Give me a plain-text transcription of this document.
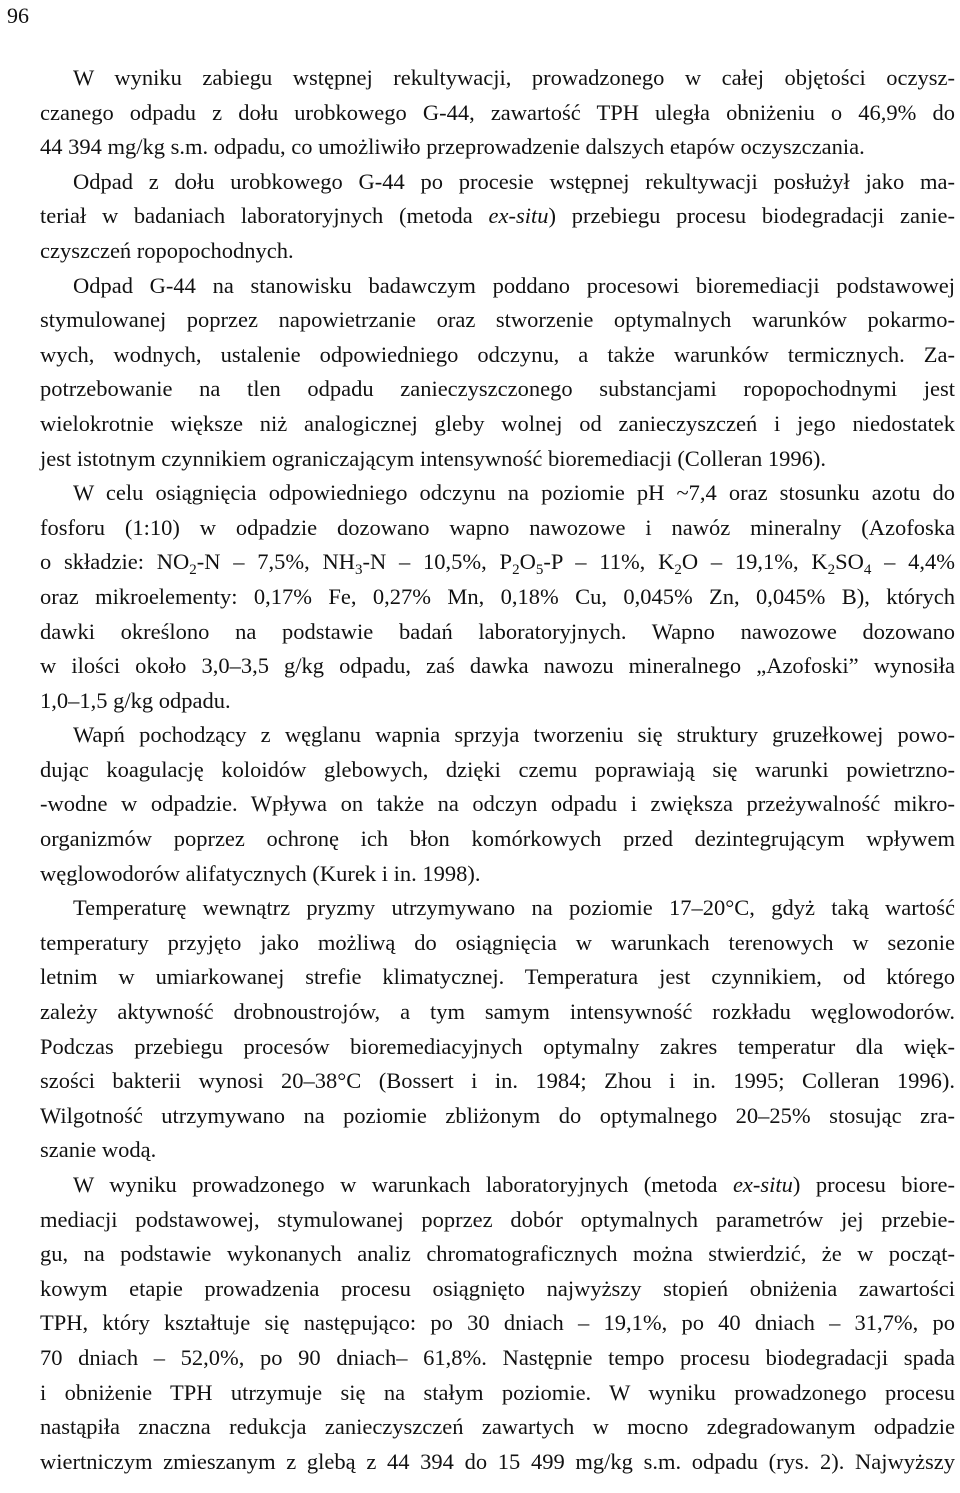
96
W wyniku zabiegu wstępnej rekultywacji, prowadzonego w całej objętości oczysz-
czanego odpadu z dołu urobkowego G-44, zawartość TPH uległa obniżeniu o 46,9% do
44 394 mg/kg s.m. odpadu, co umożliwiło przeprowadzenie dalszych etapów oczyszczania.
Odpad z dołu urobkowego G-44 po procesie wstępnej rekultywacji posłużył jako ma-
teriał w badaniach laboratoryjnych (metoda ex-situ) przebiegu procesu biodegradacji zanie-
czyszczeń ropopochodnych.
Odpad G-44 na stanowisku badawczym poddano procesowi bioremediacji podstawowej
stymulowanej poprzez napowietrzanie oraz stworzenie optymalnych warunków pokarmo-
wych, wodnych, ustalenie odpowiedniego odczynu, a także warunków termicznych. Za-
potrzebowanie na tlen odpadu zanieczyszczonego substancjami ropopochodnymi jest
wielokrotnie większe niż analogicznej gleby wolnej od zanieczyszczeń i jego niedostatek
jest istotnym czynnikiem ograniczającym intensywność bioremediacji (Colleran 1996).
W celu osiągnięcia odpowiedniego odczynu na poziomie pH ~7,4 oraz stosunku azotu do
fosforu (1:10) w odpadzie dozowano wapno nawozowe i nawóz mineralny (Azofoska
o składzie: $NO_2-N - 7,5\%$, $NH_3-N - 10,5\%$, $P_2O_5-P - 11\%$, $K_2O - 19,1\%$, $K_2SO_4 - 4,4\%$
oraz mikroelementy: 0,17% Fe, 0,27% Mn, 0,18% Cu, 0,045% Zn, 0,045% B), których
dawki określono na podstawie badań laboratoryjnych. Wapno nawozowe dozowano
w ilości około 3,0–3,5 g/kg odpadu, zaś dawka nawozu mineralnego „Azofoski” wynosiła
1,0–1,5 g/kg odpadu.
Wapń pochodzący z węglanu wapnia sprzyja tworzeniu się struktury gruzełkowej powo-
dując koagulację koloidów glebowych, dzięki czemu poprawiają się warunki powietrzno-
-wodne w odpadzie. Wpływa on także na odczyn odpadu i zwiększa przeżywalność mikro-
organizmów poprzez ochronę ich błon komórkowych przed dezintegrującym wpływem
węglowodorów alifatycznych (Kurek i in. 1998).
Temperaturę wewnątrz pryzmy utrzymywano na poziomie 17–20°C, gdyż taką wartość
temperatury przyjęto jako możliwą do osiągnięcia w warunkach terenowych w sezonie
letnim w umiarkowanej strefie klimatycznej. Temperatura jest czynnikiem, od którego
zależy aktywność drobnoustrojów, a tym samym intensywność rozkładu węglowodorów.
Podczas przebiegu procesów bioremediacyjnych optymalny zakres temperatur dla więk-
szości bakterii wynosi 20–38°C (Bossert i in. 1984; Zhou i in. 1995; Colleran 1996).
Wilgotność utrzymywano na poziomie zbliżonym do optymalnego 20–25% stosując zra-
szanie wodą.
W wyniku prowadzonego w warunkach laboratoryjnych (metoda ex-situ) procesu biore-
mediacji podstawowej, stymulowanej poprzez dobór optymalnych parametrów jej przebie-
gu, na podstawie wykonanych analiz chromatograficznych można stwierdzić, że w począt-
kowym etapie prowadzenia procesu osiągnięto najwyższy stopień obniżenia zawartości
TPH, który kształtuje się następująco: po 30 dniach – 19,1%, po 40 dniach – 31,7%, po
70 dniach – 52,0%, po 90 dniach– 61,8%. Następnie tempo procesu biodegradacji spada
i obniżenie TPH utrzymuje się na stałym poziomie. W wyniku prowadzonego procesu
nastąpiła znaczna redukcja zanieczyszczeń zawartych w mocno zdegradowanym odpadzie
wiertniczym zmieszanym z glebą z 44 394 do 15 499 mg/kg s.m. odpadu (rys. 2). Najwyższy
